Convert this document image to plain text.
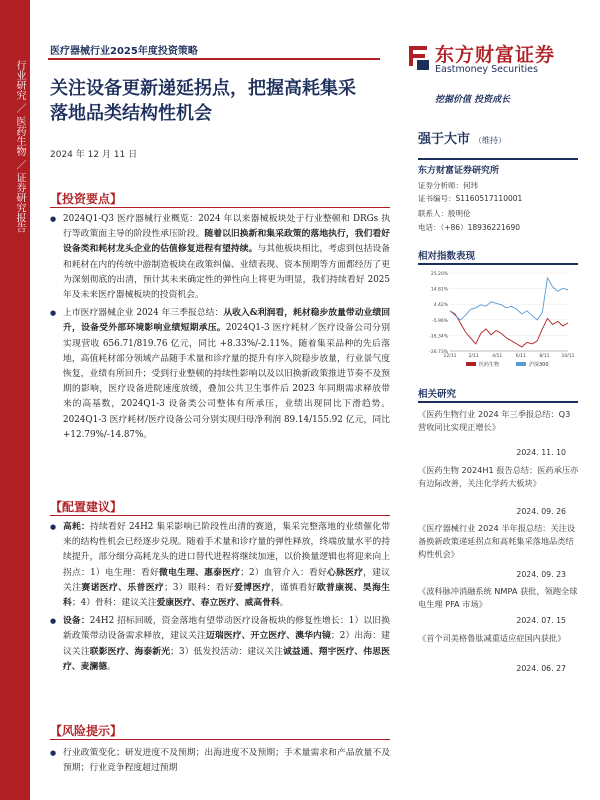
行业研究 ／ 医药生物 ／ 证券研究报告
医疗器械行业2025年度投资策略	东方财富证券
Eastmoney Securities
挖掘价值 投资成长
关注设备更新递延拐点，把握高耗集采
落地品类结构性机会
2024 年 12 月 11 日
【投资要点】

● 2024Q1-Q3 医疗器械行业概览：2024 年以来器械板块处于行业整顿和 DRGs 执行等政策面主导的阶段性承压阶段。随着以旧换新和集采政策的落地执行，我们看好设备类和耗材龙头企业的估值修复进程有望持续。与其他板块相比，考虑到包括设备和耗材在内的传统中游制造板块在政策纠偏、业绩表现、资本预期等方面都经历了更为深刻彻底的出清，预计其未来确定性的弹性向上将更为明显，我们持续看好 2025 年及未来医疗器械板块的投资机会。

● 上市医疗器械企业 2024 年三季报总结：从收入&利润看，耗材稳步放量带动业绩回升，设备受外部环境影响业绩短期承压。2024Q1-3 医疗耗材／医疗设备公司分别实现营收 656.71/819.76 亿元，同比 +8.33%/-2.11%。随着集采品种的先后落地，高值耗材部分领域产品随手术量和诊疗量的提升有序入院稳步放量，行业景气度恢复，业绩有所回升；受到行业整顿的持续性影响以及以旧换新政策推进节奏不及预期的影响，医疗设备进院速度放缓，叠加公共卫生事件后 2023 年同期需求释放带来的高基数，2024Q1-3 设备类公司整体有所承压，业绩出现同比下滑趋势。2024Q1-3 医疗耗材/医疗设备公司分别实现归母净利润 89.14/155.92 亿元，同比+12.79%/-14.87%。

【配置建议】

● 高耗：持续看好 24H2 集采影响已阶段性出清的赛道，集采完整落地的业绩催化带来的结构性机会已经逐步兑现。随着手术量和诊疗量的弹性释放，终端放量水平的持续提升，部分细分高耗龙头的进口替代进程将继续加速，以价换量逻辑也将迎来向上拐点：1）电生理：看好微电生理、惠泰医疗；2）血管介入：看好心脉医疗，建议关注赛诺医疗、乐普医疗；3）眼科：看好爱博医疗，谨慎看好欧普康视、昊海生科；4）骨科：建议关注爱康医疗、春立医疗、威高骨科。

● 设备：24H2 招标回暖，资金落地有望带动医疗设备板块的修复性增长：1）以旧换新政策带动设备需求释放，建议关注迈瑞医疗、开立医疗、澳华内镜；2）出海：建议关注联影医疗、海泰新光；3）低发投活动：建议关注诚益通、翔宇医疗、伟思医疗、麦澜德。

【风险提示】

● 行业政策变化；研发进度不及预期；出海进度不及预期；手术量需求和产品放量不及预期；行业竞争程度超过预期

强于大市 （维持）
东方财富证券研究所
证券分析师：何玮
证书编号：S1160517110001
联系人：殷明伦
电话：（+86）18936221690
相对指数表现
25.20%
14.81%
4.42%
-5.96%
-16.34%
-26.73%
12/11	2/11	4/11	6/11	8/11	10/11
医药生物	沪深300
相关研究
《医药生物行业 2024 年三季报总结：Q3 营收同比实现正增长》
2024. 11. 10
《医药生物 2024H1 报告总结：医药承压亦有边际改善，关注化学药大板块》
2024. 09. 26
《医疗器械行业 2024 半年报总结：关注设备换新政策递延拐点和高耗集采落地品类结构性机会》
2024. 09. 23
《波科脉冲消融系统 NMPA 获批，领跑全球电生理 PFA 市场》
2024. 07. 15
《首个司美格鲁肽减重适应症国内获批》
2024. 06. 27
